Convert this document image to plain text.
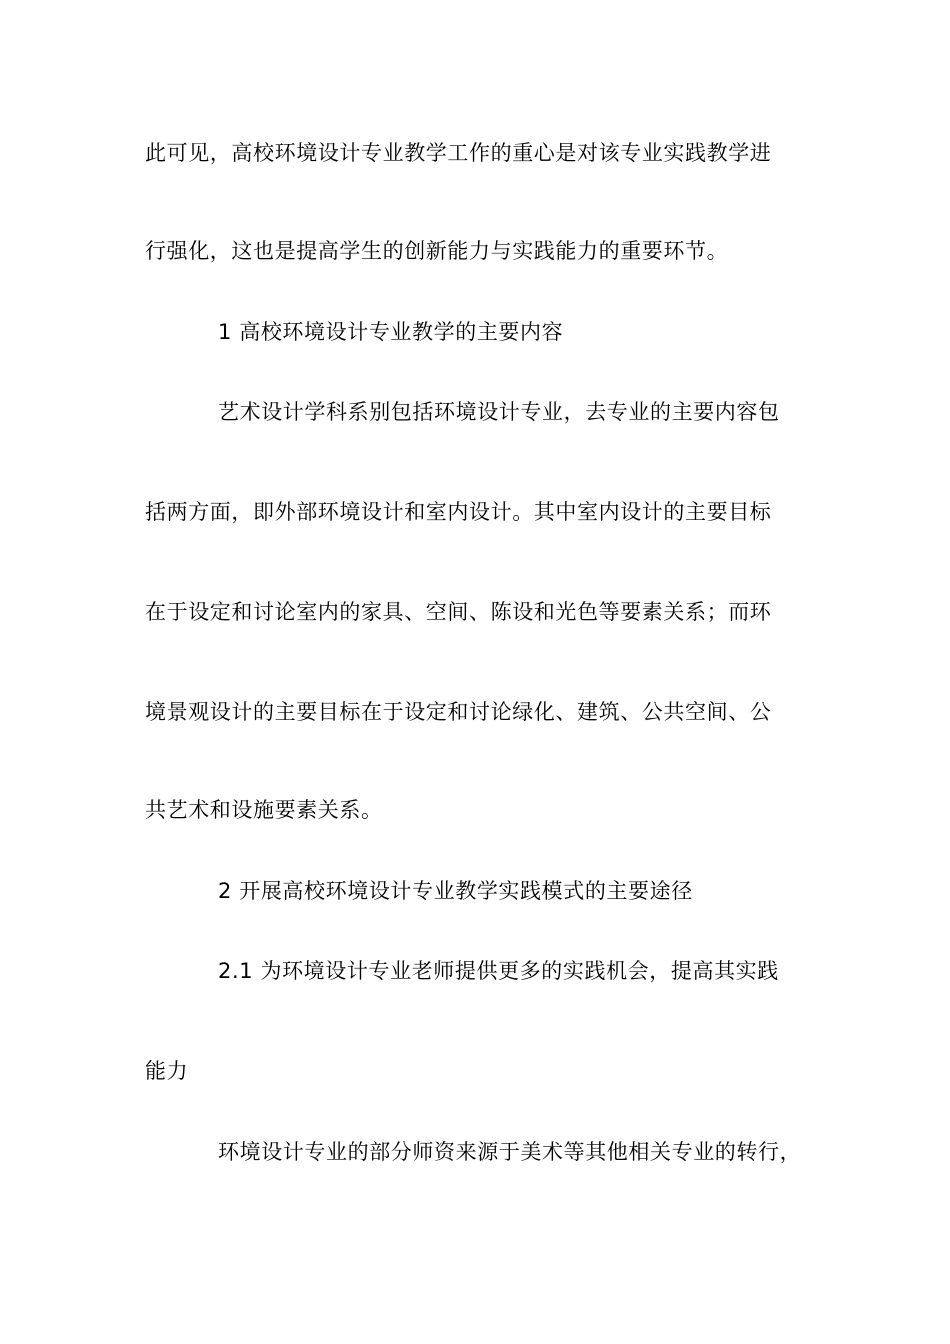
此可见，高校环境设计专业教学工作的重心是对该专业实践教学进
行强化，这也是提高学生的创新能力与实践能力的重要环节。
1 高校环境设计专业教学的主要内容
艺术设计学科系别包括环境设计专业，去专业的主要内容包
括两方面，即外部环境设计和室内设计。其中室内设计的主要目标
在于设定和讨论室内的家具、空间、陈设和光色等要素关系；而环
境景观设计的主要目标在于设定和讨论绿化、建筑、公共空间、公
共艺术和设施要素关系。
2 开展高校环境设计专业教学实践模式的主要途径
2.1 为环境设计专业老师提供更多的实践机会，提高其实践
能力
环境设计专业的部分师资来源于美术等其他相关专业的转行，
